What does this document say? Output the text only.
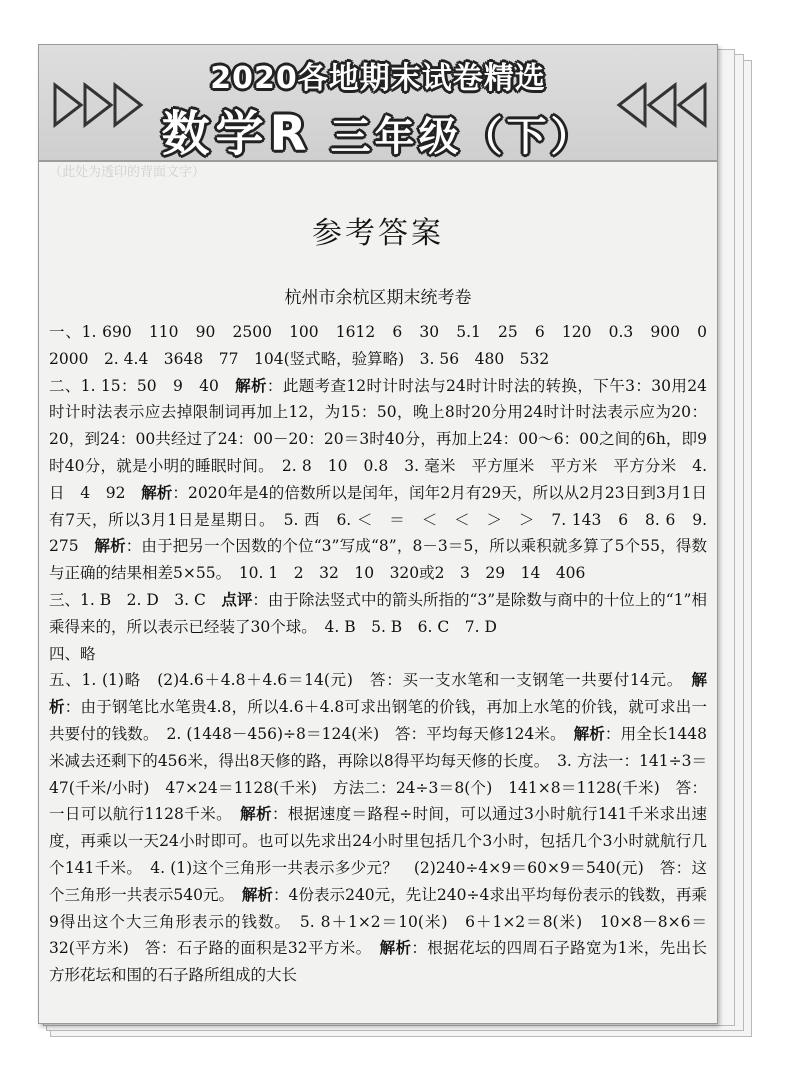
2020各地期末试卷精选
数学R 三年级（下）
（此处为透印的背面文字）
参考答案
杭州市余杭区期末统考卷

一、1. 690　110　90　2500　100　1612　6　30　5.1　25　6　120　0.3　900　0　2000　2. 4.4　3648　77　104(竖式略，验算略)　3. 56　480　532

二、1. 15：50　9　40　解析：此题考查12时计时法与24时计时法的转换，下午3：30用24时计时法表示应去掉限制词再加上12，为15：50，晚上8时20分用24时计时法表示应为20：20，到24：00共经过了24：00－20：20＝3时40分，再加上24：00～6：00之间的6h，即9时40分，就是小明的睡眠时间。　2. 8　10　0.8　3. 毫米　平方厘米　平方米　平方分米　4. 日　4　92　解析：2020年是4的倍数所以是闰年，闰年2月有29天，所以从2月23日到3月1日有7天，所以3月1日是星期日。　5. 西　6. ＜　＝　＜　＜　＞　＞　7. 143　6　8. 6　9. 275　解析：由于把另一个因数的个位“3”写成“8”，8－3＝5，所以乘积就多算了5个55，得数与正确的结果相差5×55。　10. 1　2　32　10　320或2　3　29　14　406

三、1. B　2. D　3. C　点评：由于除法竖式中的箭头所指的“3”是除数与商中的十位上的“1”相乘得来的，所以表示已经装了30个球。　4. B　5. B　6. C　7. D

四、略

五、1. (1)略　(2)4.6＋4.8＋4.6＝14(元)　答：买一支水笔和一支钢笔一共要付14元。　解析：由于钢笔比水笔贵4.8，所以4.6＋4.8可求出钢笔的价钱，再加上水笔的价钱，就可求出一共要付的钱数。　2. (1448－456)÷8＝124(米)　答：平均每天修124米。　解析：用全长1448米减去还剩下的456米，得出8天修的路，再除以8得平均每天修的长度。　3. 方法一：141÷3＝47(千米/小时)　47×24＝1128(千米)　方法二：24÷3＝8(个)　141×8＝1128(千米)　答：一日可以航行1128千米。　解析：根据速度＝路程÷时间，可以通过3小时航行141千米求出速度，再乘以一天24小时即可。也可以先求出24小时里包括几个3小时，包括几个3小时就航行几个141千米。　4. (1)这个三角形一共表示多少元？　(2)240÷4×9＝60×9＝540(元)　答：这个三角形一共表示540元。　解析：4份表示240元，先让240÷4求出平均每份表示的钱数，再乘9得出这个大三角形表示的钱数。　5. 8＋1×2＝10(米)　6＋1×2＝8(米)　10×8－8×6＝32(平方米)　答：石子路的面积是32平方米。　解析：根据花坛的四周石子路宽为1米，先出长方形花坛和围的石子路所组成的大长
